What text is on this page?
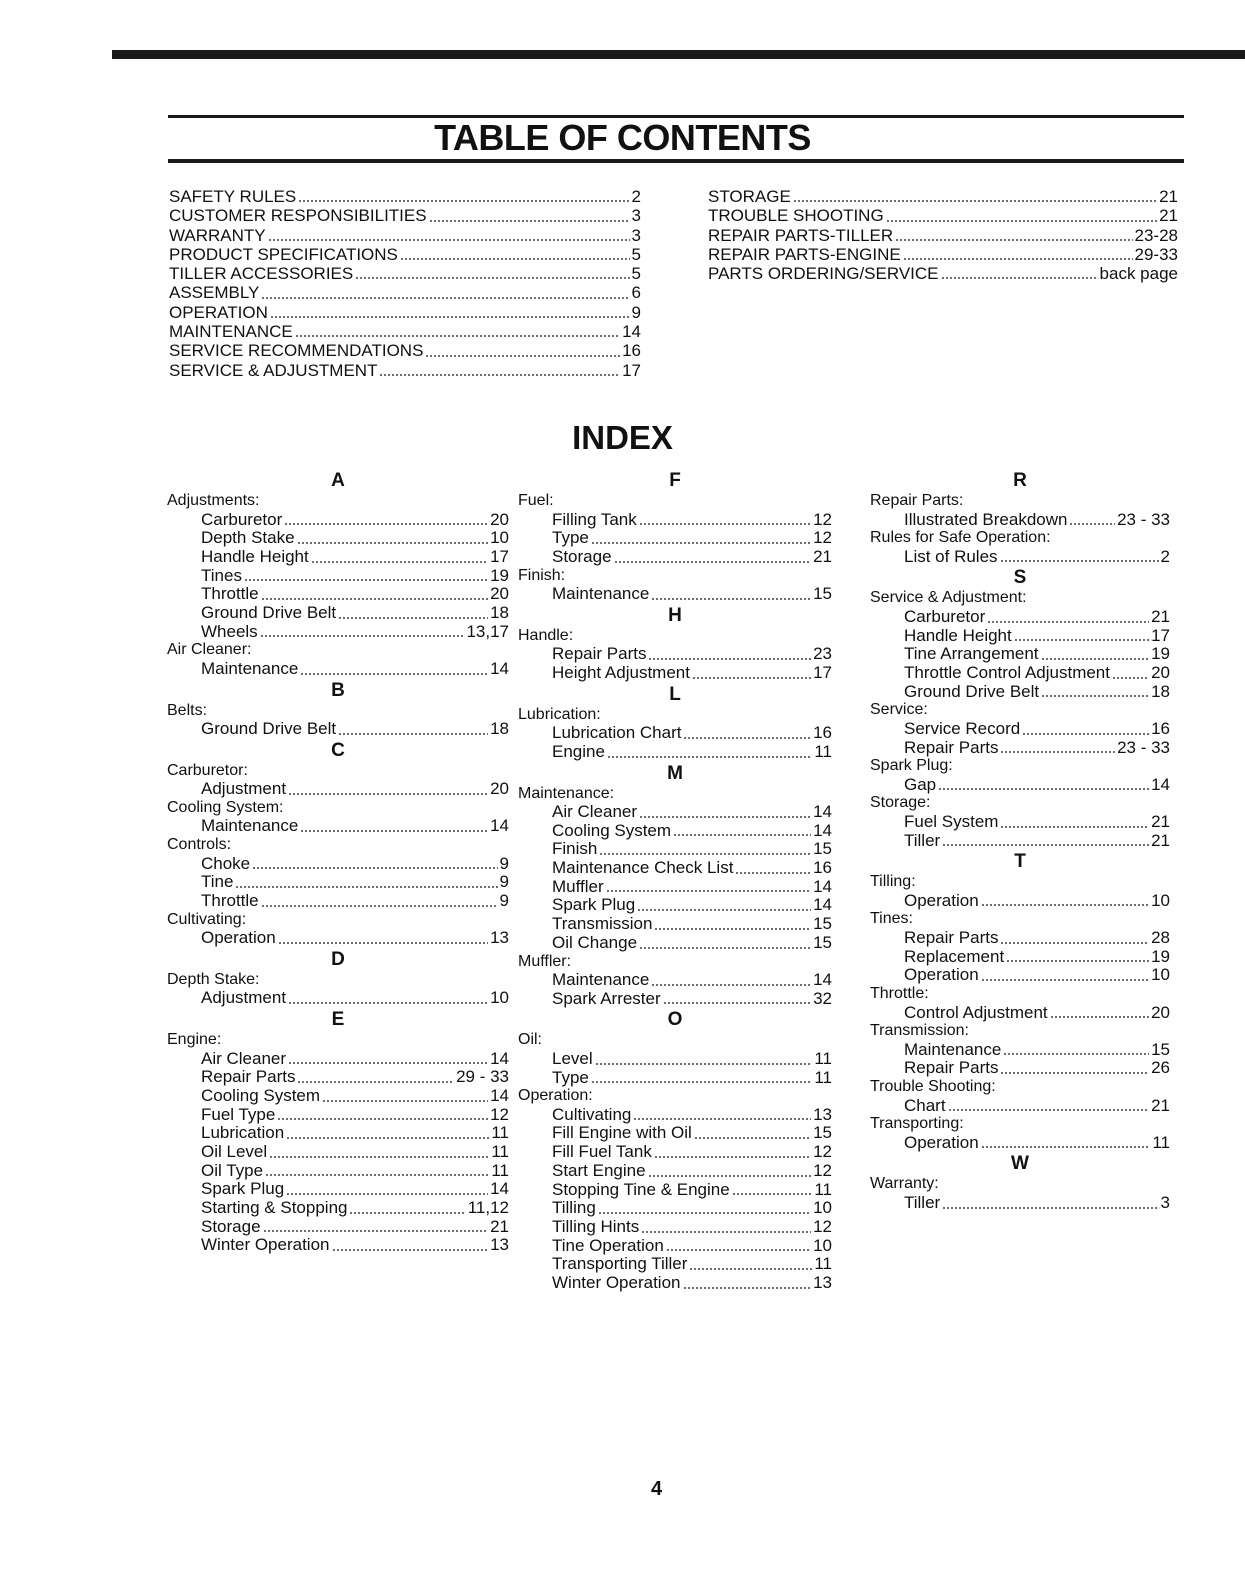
TABLE OF CONTENTS
SAFETY RULES	2
CUSTOMER RESPONSIBILITIES	3
WARRANTY	3
PRODUCT SPECIFICATIONS	5
TILLER ACCESSORIES	5
ASSEMBLY	6
OPERATION	9
MAINTENANCE	14
SERVICE RECOMMENDATIONS	16
SERVICE & ADJUSTMENT	17
STORAGE	21
TROUBLE SHOOTING	21
REPAIR PARTS-TILLER	23-28
REPAIR PARTS-ENGINE	29-33
PARTS ORDERING/SERVICE	back page
INDEX
A
Adjustments:
Carburetor	20
Depth Stake	10
Handle Height	17
Tines	19
Throttle	20
Ground Drive Belt	18
Wheels	13,17
Air Cleaner:
Maintenance	14
B
Belts:
Ground Drive Belt	18
C
Carburetor:
Adjustment	20
Cooling System:
Maintenance	14
Controls:
Choke	9
Tine	9
Throttle	9
Cultivating:
Operation	13
D
Depth Stake:
Adjustment	10
E
Engine:
Air Cleaner	14
Repair Parts	29 - 33
Cooling System	14
Fuel Type	12
Lubrication	11
Oil Level	11
Oil Type	11
Spark Plug	14
Starting & Stopping	11,12
Storage	21
Winter Operation	13
F
Fuel:
Filling Tank	12
Type	12
Storage	21
Finish:
Maintenance	15
H
Handle:
Repair Parts	23
Height Adjustment	17
L
Lubrication:
Lubrication Chart	16
Engine	11
M
Maintenance:
Air Cleaner	14
Cooling System	14
Finish	15
Maintenance Check List	16
Muffler	14
Spark Plug	14
Transmission	15
Oil Change	15
Muffler:
Maintenance	14
Spark Arrester	32
O
Oil:
Level	11
Type	11
Operation:
Cultivating	13
Fill Engine with Oil	15
Fill Fuel Tank	12
Start Engine	12
Stopping Tine & Engine	11
Tilling	10
Tilling Hints	12
Tine Operation	10
Transporting Tiller	11
Winter Operation	13
R
Repair Parts:
Illustrated Breakdown	23 - 33
Rules for Safe Operation:
List of Rules	2
S
Service & Adjustment:
Carburetor	21
Handle Height	17
Tine Arrangement	19
Throttle Control Adjustment 20
Ground Drive Belt	18
Service:
Service Record	16
Repair Parts	23 - 33
Spark Plug:
Gap	14
Storage:
Fuel System	21
Tiller	21
T
Tilling:
Operation	10
Tines:
Repair Parts	28
Replacement	19
Operation	10
Throttle:
Control Adjustment	20
Transmission:
Maintenance	15
Repair Parts	26
Trouble Shooting:
Chart	21
Transporting:
Operation	11
W
Warranty:
Tiller	3
4
